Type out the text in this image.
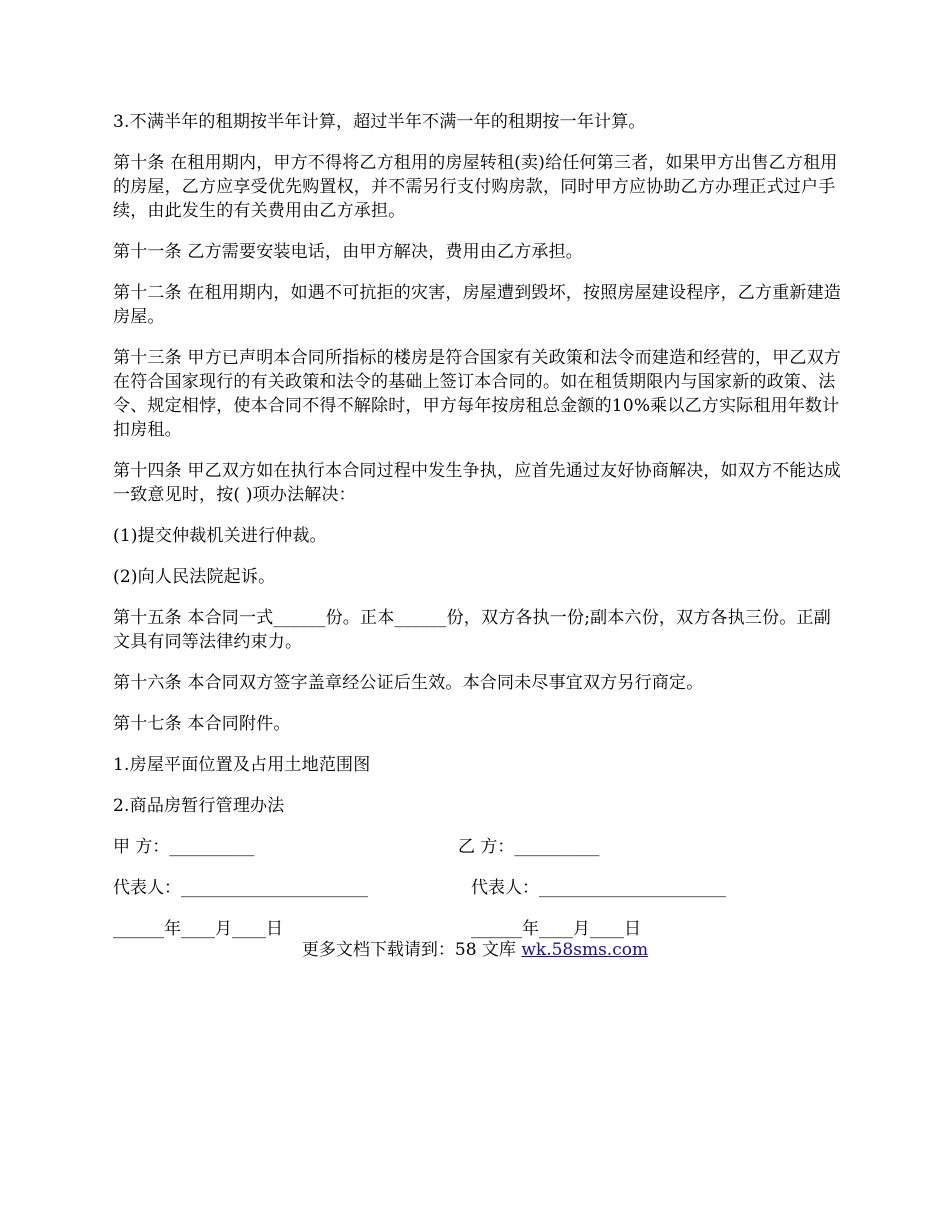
3.不满半年的租期按半年计算，超过半年不满一年的租期按一年计算。

第十条 在租用期内，甲方不得将乙方租用的房屋转租(卖)给任何第三者，如果甲方出售乙方租用的房屋，乙方应享受优先购置权，并不需另行支付购房款，同时甲方应协助乙方办理正式过户手续，由此发生的有关费用由乙方承担。

第十一条 乙方需要安装电话，由甲方解决，费用由乙方承担。

第十二条 在租用期内，如遇不可抗拒的灾害，房屋遭到毁坏，按照房屋建设程序，乙方重新建造房屋。

第十三条 甲方已声明本合同所指标的楼房是符合国家有关政策和法令而建造和经营的，甲乙双方在符合国家现行的有关政策和法令的基础上签订本合同的。如在租赁期限内与国家新的政策、法令、规定相悖，使本合同不得不解除时，甲方每年按房租总金额的10%乘以乙方实际租用年数计扣房租。

第十四条 甲乙双方如在执行本合同过程中发生争执，应首先通过友好协商解决，如双方不能达成一致意见时，按( )项办法解决：

(1)提交仲裁机关进行仲裁。

(2)向人民法院起诉。

第十五条 本合同一式______份。正本______份，双方各执一份;副本六份，双方各执三份。正副文具有同等法律约束力。

第十六条 本合同双方签字盖章经公证后生效。本合同未尽事宜双方另行商定。

第十七条 本合同附件。

1.房屋平面位置及占用土地范围图

2.商品房暂行管理办法

甲 方：__________	乙 方：__________
代表人：______________________	代表人：______________________
______年____月____日	______年____月____日
更多文档下载请到：58 文库 wk.58sms.com
